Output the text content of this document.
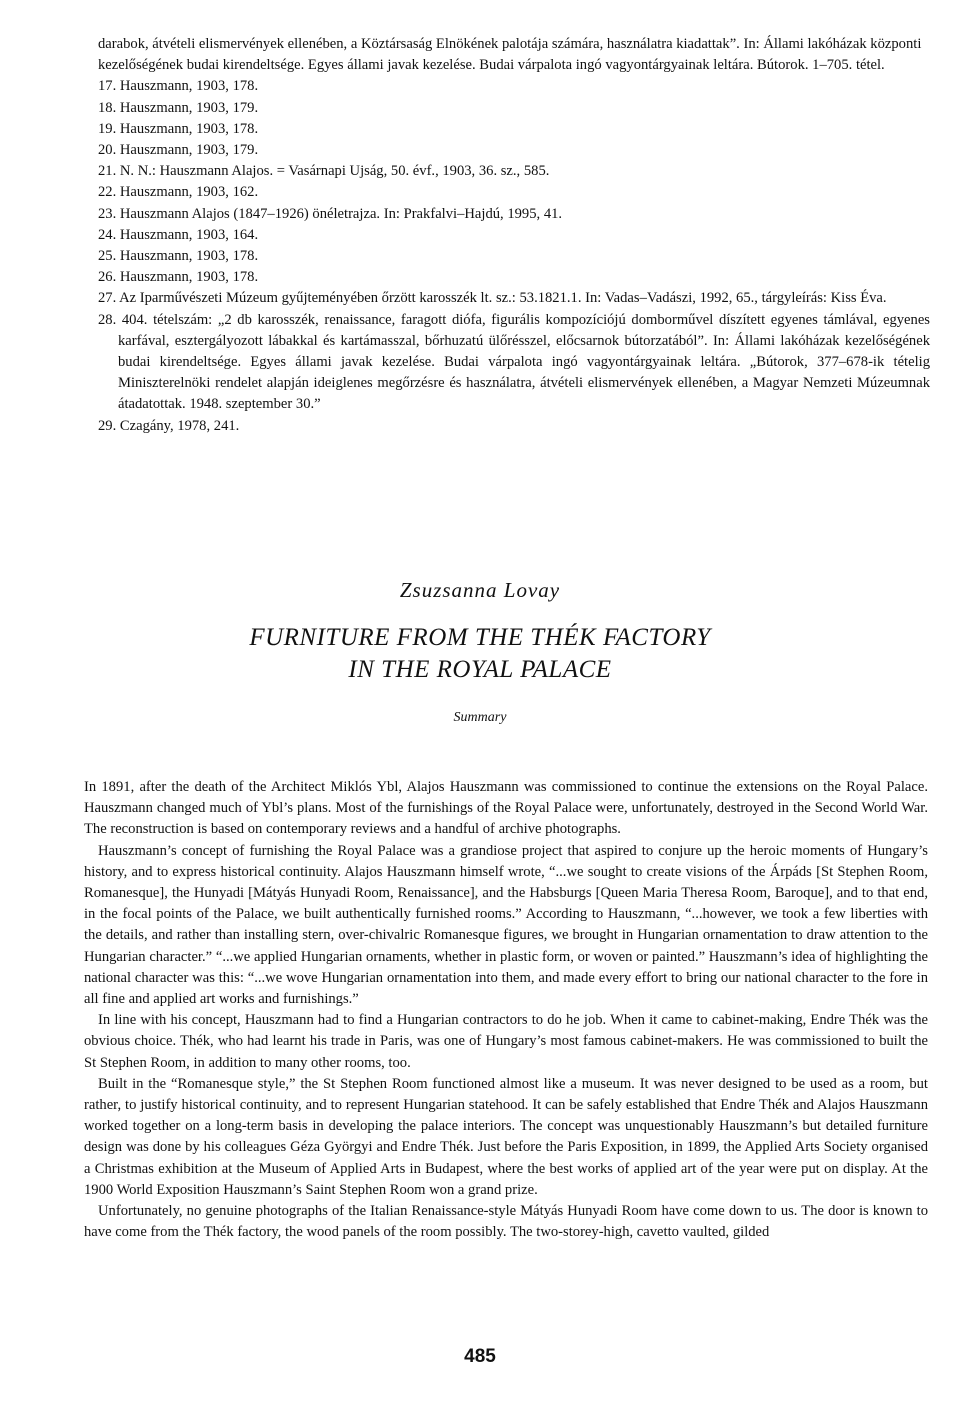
darabok, átvételi elismervények ellenében, a Köztársaság Elnökének palotája számára, használatra kiadattak”. In: Állami lakóházak központi kezelőségének budai kirendeltsége. Egyes állami javak kezelése. Budai várpalota ingó vagyontárgyainak leltára. Bútorok. 1–705. tétel.

17. Hauszmann, 1903, 178.

18. Hauszmann, 1903, 179.

19. Hauszmann, 1903, 178.

20. Hauszmann, 1903, 179.

21. N. N.: Hauszmann Alajos. = Vasárnapi Ujság, 50. évf., 1903, 36. sz., 585.

22. Hauszmann, 1903, 162.

23. Hauszmann Alajos (1847–1926) önéletrajza. In: Prakfalvi–Hajdú, 1995, 41.

24. Hauszmann, 1903, 164.

25. Hauszmann, 1903, 178.

26. Hauszmann, 1903, 178.

27. Az Iparművészeti Múzeum gyűjteményében őrzött karosszék lt. sz.: 53.1821.1. In: Vadas–Vadászi, 1992, 65., tárgyleírás: Kiss Éva.

28. 404. tételszám: „2 db karosszék, renaissance, faragott diófa, figurális kompozíciójú domborművel díszített egyenes támlával, egyenes karfával, esztergályozott lábakkal és kartámasszal, bőrhuzatú ülőrésszel, előcsarnok bútorzatából”. In: Állami lakóházak kezelőségének budai kirendeltsége. Egyes állami javak kezelése. Budai várpalota ingó vagyontárgyainak leltára. „Bútorok, 377–678-ik tételig Miniszterelnöki rendelet alapján ideiglenes megőrzésre és használatra, átvételi elismervények ellenében, a Magyar Nemzeti Múzeumnak átadatottak. 1948. szeptember 30.”

29. Czagány, 1978, 241.

Zsuzsanna Lovay
FURNITURE FROM THE THÉK FACTORY
IN THE ROYAL PALACE
Summary

In 1891, after the death of the Architect Miklós Ybl, Alajos Hauszmann was commissioned to continue the extensions on the Royal Palace. Hauszmann changed much of Ybl’s plans. Most of the furnishings of the Royal Palace were, unfortunately, destroyed in the Second World War. The reconstruction is based on contemporary reviews and a handful of archive photographs.

Hauszmann’s concept of furnishing the Royal Palace was a grandiose project that aspired to conjure up the heroic moments of Hungary’s history, and to express historical continuity. Alajos Hauszmann himself wrote, “...we sought to create visions of the Árpáds [St Stephen Room, Romanesque], the Hunyadi [Mátyás Hunyadi Room, Renaissance], and the Habsburgs [Queen Maria Theresa Room, Baroque], and to that end, in the focal points of the Palace, we built authentically furnished rooms.” According to Hauszmann, “...however, we took a few liberties with the details, and rather than installing stern, over-chivalric Romanesque figures, we brought in Hungarian ornamentation to draw attention to the Hungarian character.” “...we applied Hungarian ornaments, whether in plastic form, or woven or painted.” Hauszmann’s idea of highlighting the national character was this: “...we wove Hungarian ornamentation into them, and made every effort to bring our national character to the fore in all fine and applied art works and furnishings.”

In line with his concept, Hauszmann had to find a Hungarian contractors to do he job. When it came to cabinet-making, Endre Thék was the obvious choice. Thék, who had learnt his trade in Paris, was one of Hungary’s most famous cabinet-makers. He was commissioned to built the St Stephen Room, in addition to many other rooms, too.

Built in the “Romanesque style,” the St Stephen Room functioned almost like a museum. It was never designed to be used as a room, but rather, to justify historical continuity, and to represent Hungarian statehood. It can be safely established that Endre Thék and Alajos Hauszmann worked together on a long-term basis in developing the palace interiors. The concept was unquestionably Hauszmann’s but detailed furniture design was done by his colleagues Géza Györgyi and Endre Thék. Just before the Paris Exposition, in 1899, the Applied Arts Society organised a Christmas exhibition at the Museum of Applied Arts in Budapest, where the best works of applied art of the year were put on display. At the 1900 World Exposition Hauszmann’s Saint Stephen Room won a grand prize.

Unfortunately, no genuine photographs of the Italian Renaissance-style Mátyás Hunyadi Room have come down to us. The door is known to have come from the Thék factory, the wood panels of the room possibly. The two-storey-high, cavetto vaulted, gilded

485
